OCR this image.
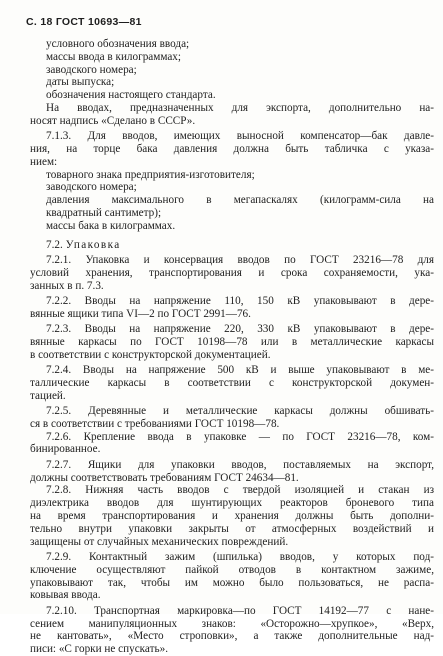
С. 18 ГОСТ 10693—81
условного обозначения ввода;
массы ввода в килограммах;
заводского номера;
даты выпуска;
обозначения настоящего стандарта.
На вводах, предназначенных для экспорта, дополнительно на-
носят надпись «Сделано в СССР».
7.1.3. Для вводов, имеющих выносной компенсатор—бак давле-
ния, на торце бака давления должна быть табличка с указа-
нием:
товарного знака предприятия-изготовителя;
заводского номера;
давления максимального в мегапаскалях (килограмм-сила на
квадратный сантиметр);
массы бака в килограммах.
7.2. Упаковка
7.2.1. Упаковка и консервация вводов по ГОСТ 23216—78 для
условий хранения, транспортирования и срока сохраняемости, ука-
занных в п. 7.3.
7.2.2. Вводы на напряжение 110, 150 кВ упаковывают в дере-
вянные ящики типа VI—2 по ГОСТ 2991—76.
7.2.3. Вводы на напряжение 220, 330 кВ упаковывают в дере-
вянные каркасы по ГОСТ 10198—78 или в металлические каркасы
в соответствии с конструкторской документацией.
7.2.4. Вводы на напряжение 500 кВ и выше упаковывают в ме-
таллические каркасы в соответствии с конструкторской докумен-
тацией.
7.2.5. Деревянные и металлические каркасы должны обшивать-
ся в соответствии с требованиями ГОСТ 10198—78.
7.2.6. Крепление ввода в упаковке — по ГОСТ 23216—78, ком-
бинированное.
7.2.7. Ящики для упаковки вводов, поставляемых на экспорт,
должны соответствовать требованиям ГОСТ 24634—81.
7.2.8. Нижняя часть вводов с твердой изоляцией и стакан из
диэлектрика вводов для шунтирующих реакторов броневого типа
на время транспортирования и хранения должны быть дополни-
тельно внутри упаковки закрыты от атмосферных воздействий и
защищены от случайных механических повреждений.
7.2.9. Контактный зажим (шпилька) вводов, у которых под-
ключение осуществляют пайкой отводов в контактном зажиме,
упаковывают так, чтобы им можно было пользоваться, не распа-
ковывая ввода.
7.2.10. Транспортная маркировка—по ГОСТ 14192—77 с нане-
сением манипуляционных знаков: «Осторожно—хрупкое», «Верх,
не кантовать», «Место строповки», а также дополнительные над-
писи: «С горки не спускать».
